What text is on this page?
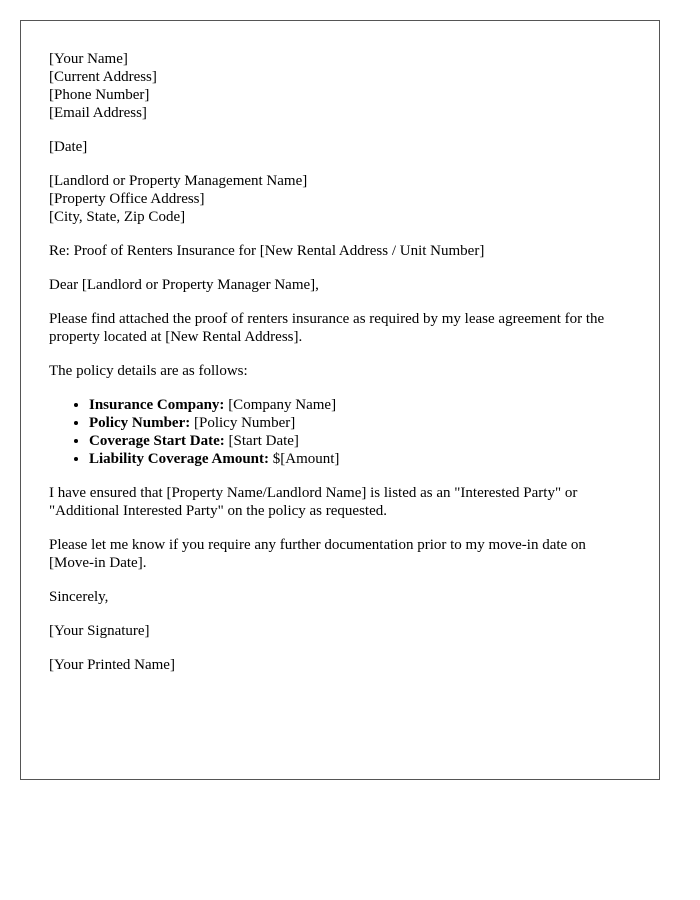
[Your Name]
[Current Address]
[Phone Number]
[Email Address]
[Date]
[Landlord or Property Management Name]
[Property Office Address]
[City, State, Zip Code]

Re: Proof of Renters Insurance for [New Rental Address / Unit Number]

Dear [Landlord or Property Manager Name],

Please find attached the proof of renters insurance as required by my lease agreement for the property located at [New Rental Address].

The policy details are as follows:

• Insurance Company: [Company Name]
• Policy Number: [Policy Number]
• Coverage Start Date: [Start Date]
• Liability Coverage Amount: $[Amount]

I have ensured that [Property Name/Landlord Name] is listed as an "Interested Party" or "Additional Interested Party" on the policy as requested.

Please let me know if you require any further documentation prior to my move-in date on [Move-in Date].

Sincerely,

[Your Signature]

[Your Printed Name]
